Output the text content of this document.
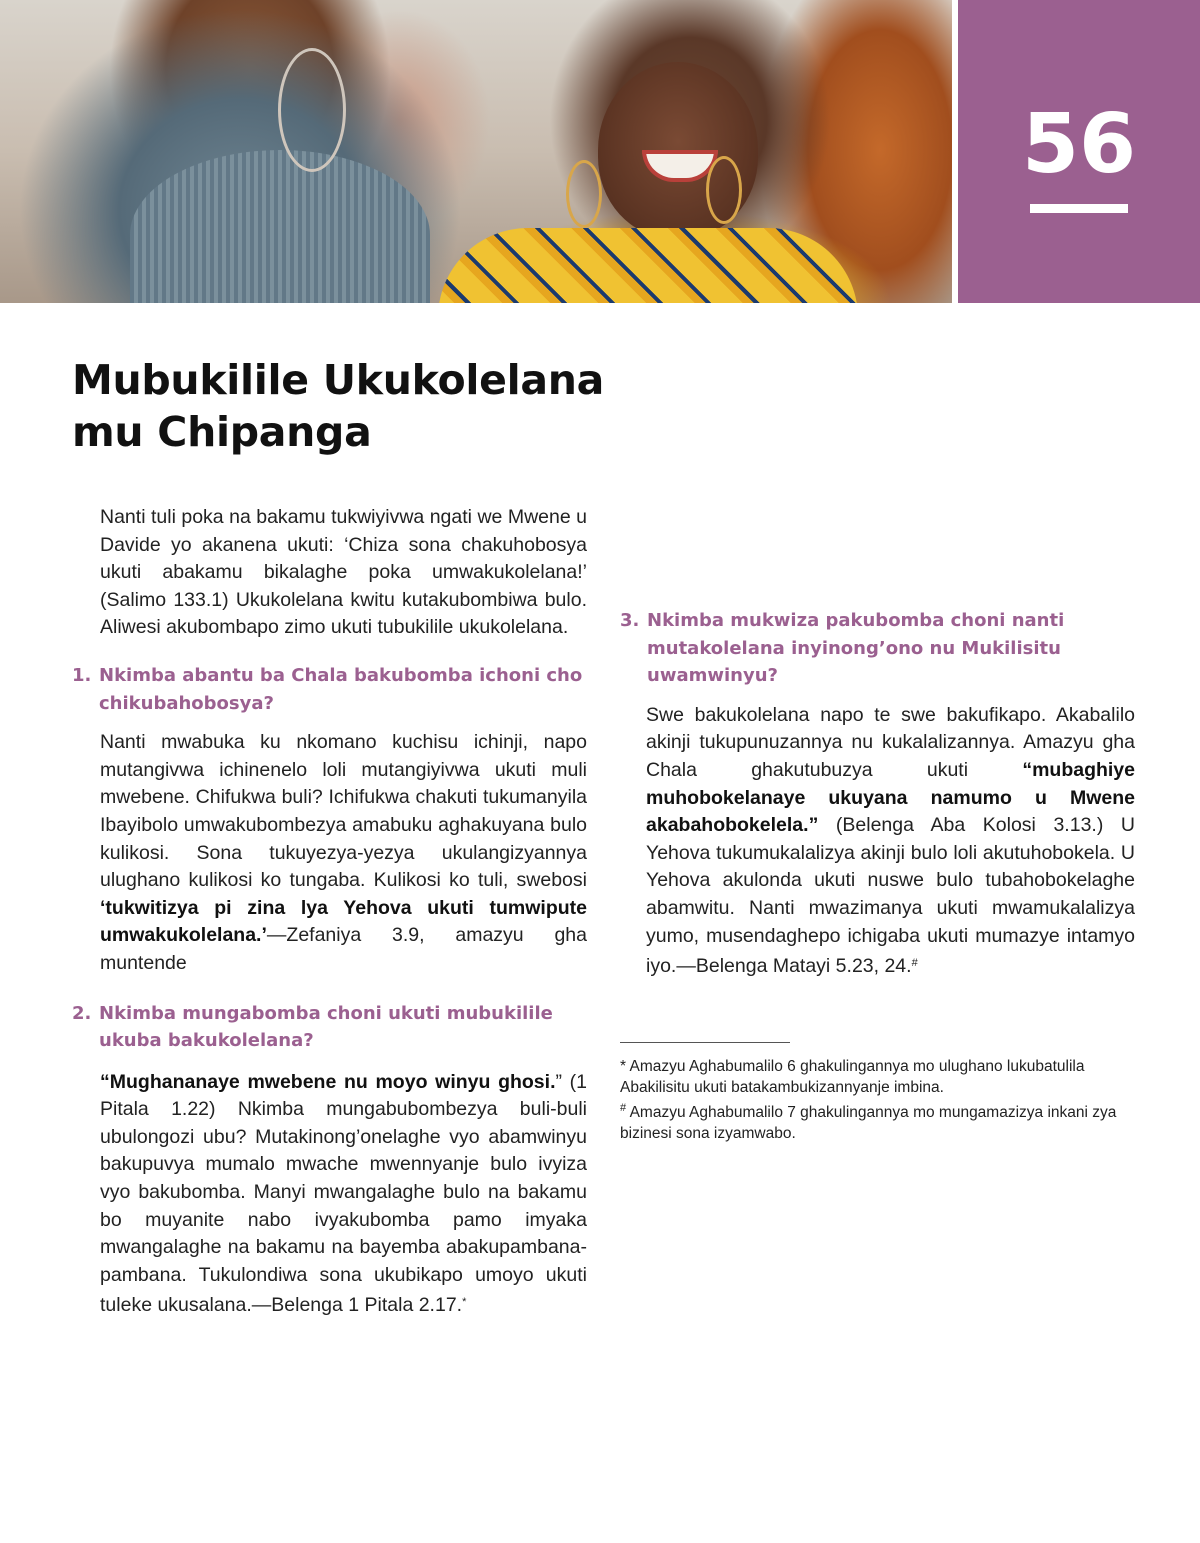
56
Mubukilile Ukukolelana
mu Chipanga

Nanti tuli poka na bakamu tukwiyivwa ngati we Mwene u Davide yo akanena ukuti: ‘Chiza sona chakuhobosya ukuti abakamu bikalaghe poka umwakukolelana!’ (Salimo 133.1) Ukukolelana kwitu kutakubombiwa bulo. Aliwesi akubombapo zimo ukuti tubukilile ukukolelana.

1. Nkimba abantu ba Chala bakubomba ichoni cho chikubahobosya?

Nanti mwabuka ku nkomano kuchisu ichinji, napo mutangivwa ichinenelo loli mutangiyivwa ukuti muli mwebene. Chifukwa buli? Ichifukwa chakuti tukumanyila Ibayibolo umwakubombezya amabuku aghakuyana bulo kulikosi. Sona tukuyezya-yezya ukulangizyannya ulughano kulikosi ko tungaba. Kulikosi ko tuli, swebosi ‘tukwitizya pi zina lya Yehova ukuti tumwipute umwakukolelana.’—Zefaniya 3.9, amazyu gha muntende

2. Nkimba mungabomba choni ukuti mubukilile ukuba bakukolelana?

“Mughananaye mwebene nu moyo winyu ghosi.” (1 Pitala 1.22) Nkimba mungabubombezya buli-buli ubulongozi ubu? Mutakinong’onelaghe vyo abamwinyu bakupuvya mumalo mwache mwennyanje bulo ivyiza vyo bakubomba. Manyi mwangalaghe bulo na bakamu bo muyanite nabo ivyakubomba pamo imyaka mwangalaghe na bakamu na bayemba abakupambana-pambana. Tukulondiwa sona ukubikapo umoyo ukuti tuleke ukusalana.—Belenga 1 Pitala 2.17.*

3. Nkimba mukwiza pakubomba choni nanti mutakolelana inyinong’ono nu Mukilisitu uwamwinyu?

Swe bakukolelana napo te swe bakufikapo. Akabalilo akinji tukupunuzannya nu kukalalizannya. Amazyu gha Chala ghakutubuzya ukuti “mubaghiye muhobokelanaye ukuyana namumo u Mwene akabahobokelela.” (Belenga Aba Kolosi 3.13.) U Yehova tukumukalalizya akinji bulo loli akutuhobokela. U Yehova akulonda ukuti nuswe bulo tubahobokelaghe abamwitu. Nanti mwazimanya ukuti mwamukalalizya yumo, musendaghepo ichigaba ukuti mumazye intamyo iyo.—Belenga Matayi 5.23, 24.#

* Amazyu Aghabumalilo 6 ghakulingannya mo ulughano lukubatulila Abakilisitu ukuti batakambukizannyanje imbina.

# Amazyu Aghabumalilo 7 ghakulingannya mo mungamazizya inkani zya bizinesi sona izyamwabo.
